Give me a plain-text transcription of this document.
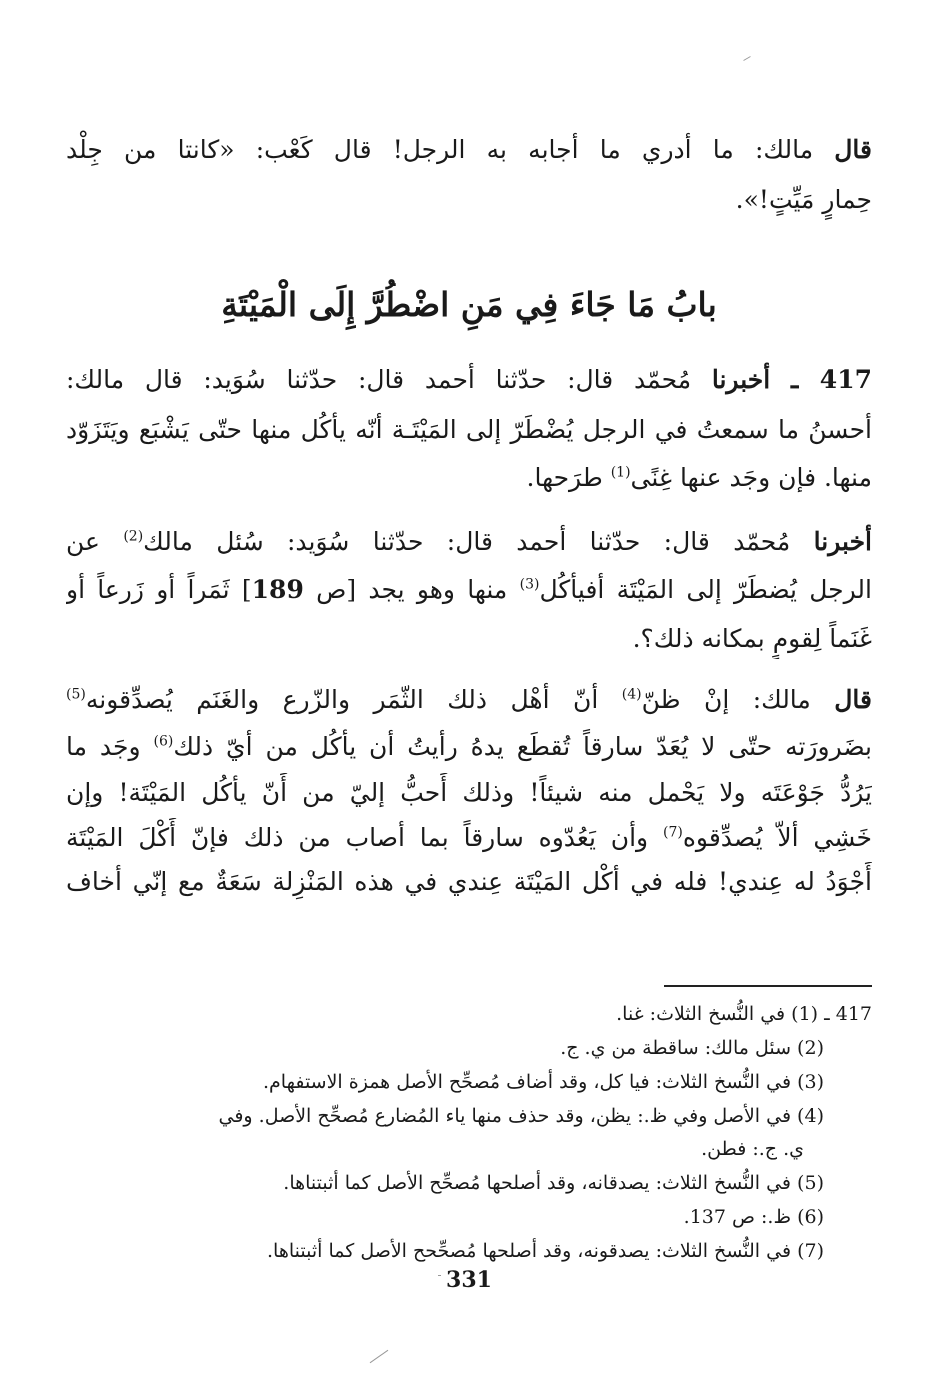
قال مالك: ما أدري ما أجابه به الرجل! قال كَعْب: «كانتا من جِلْد
حِمارٍ مَيِّتٍ!».
بابُ مَا جَاءَ فِي مَنِ اضْطُرَّ إِلَى الْمَيْتَةِ
417 ـ أخبرنا مُحمّد قال: حدّثنا أحمد قال: حدّثنا سُوَيد: قال مالك:
أحسنُ ما سمعتُ في الرجل يُضْطَرّ إلى المَيْتَـة أنّه يأكُل منها حتّى يَشْبَع ويَتَزَوّد
منها. فإن وجَد عنها غِنًى$^{(1)}$ طرَحها.
أخبرنا مُحمّد قال: حدّثنا أحمد قال: حدّثنا سُوَيد: سُئل مالك$^{(2)}$ عن
الرجل يُضطَرّ إلى المَيْتَة أفيأكُل$^{(3)}$ منها وهو يجد [ص 189] ثَمَراً أو زَرعاً أو
غَنَماً لِقومٍ بمكانه ذلك؟.
قال مالك: إنْ ظنّ$^{(4)}$ أنّ أهْل ذلك الثّمَر والزّرع والغَنَم يُصدِّقونه$^{(5)}$
بضَرورَته حتّى لا يُعَدّ سارقاً تُقطَع يدهُ رأيتُ أن يأكُل من أيّ ذلك$^{(6)}$ وجَد ما
يَرُدُّ جَوْعَتَه ولا يَحْمل منه شيئاً! وذلك أَحبُّ إليّ من أَنّ يأكُل المَيْتَة! وإن
خَشِي ألاّ يُصدِّقوه$^{(7)}$ وأن يَعُدّوه سارقاً بما أصاب من ذلك فإنّ أَكْلَ المَيْتَة
أَجْوَدُ له عِندي! فله في أكْل المَيْتَة عِندي في هذه المَنْزِلة سَعَةٌ مع إنّي أخاف
417 ـ (1) في النُّسخ الثلاث: غنا.
(2) سئل مالك: ساقطة من ي. ج.
(3) في النُّسخ الثلاث: فيا كل، وقد أضاف مُصحِّح الأصل همزة الاستفهام.
(4) في الأصل وفي ظ.: يظن، وقد حذف منها ياء المُضارع مُصحِّح الأصل. وفي
ي. ج.: فطن.
(5) في النُّسخ الثلاث: يصدقانه، وقد أصلحها مُصحِّح الأصل كما أثبتناها.
(6) ظ.: ص 137.
(7) في النُّسخ الثلاث: يصدقونه، وقد أصلحها مُصحِّحح الأصل كما أثبتناها.
331
